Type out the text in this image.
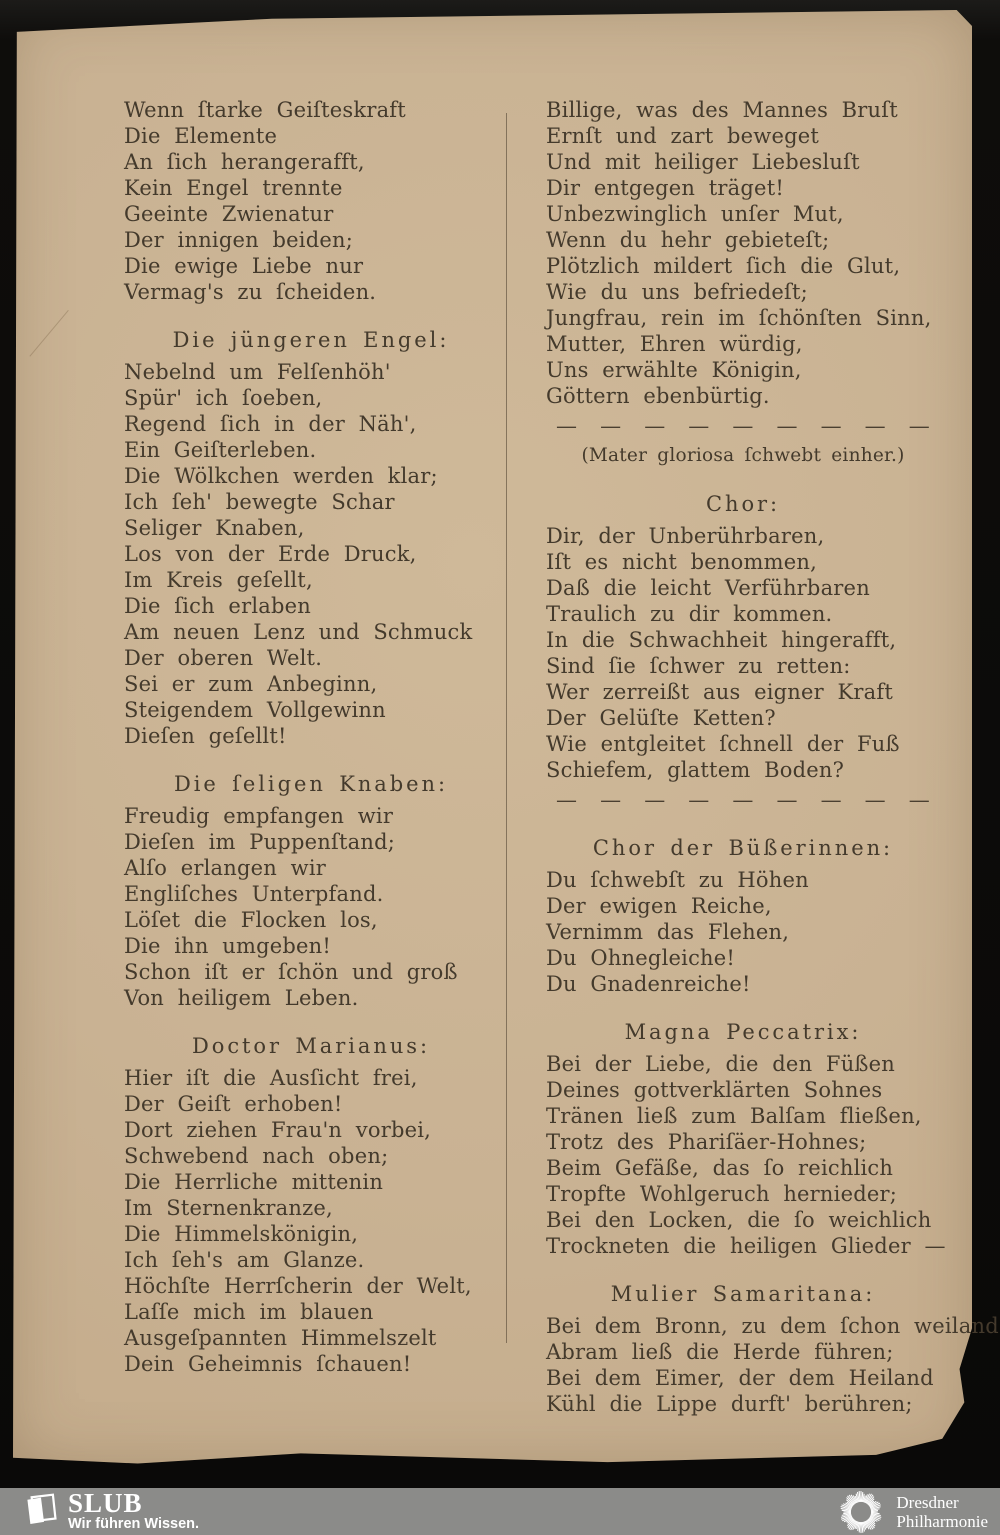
Wenn ſtarke Geiſteskraft
Die Elemente
An ſich herangerafft,
Kein Engel trennte
Geeinte Zwienatur
Der innigen beiden;
Die ewige Liebe nur
Vermag's zu ſcheiden.
Die jüngeren Engel:
Nebelnd um Felſenhöh'
Spür' ich ſoeben,
Regend ſich in der Näh',
Ein Geiſterleben.
Die Wölkchen werden klar;
Ich ſeh' bewegte Schar
Seliger Knaben,
Los von der Erde Druck,
Im Kreis geſellt,
Die ſich erlaben
Am neuen Lenz und Schmuck
Der oberen Welt.
Sei er zum Anbeginn,
Steigendem Vollgewinn
Dieſen geſellt!
Die ſeligen Knaben:
Freudig empfangen wir
Dieſen im Puppenſtand;
Alſo erlangen wir
Engliſches Unterpfand.
Löſet die Flocken los,
Die ihn umgeben!
Schon iſt er ſchön und groß
Von heiligem Leben.
Doctor Marianus:
Hier iſt die Ausſicht frei,
Der Geiſt erhoben!
Dort ziehen Frau'n vorbei,
Schwebend nach oben;
Die Herrliche mittenin
Im Sternenkranze,
Die Himmelskönigin,
Ich ſeh's am Glanze.
Höchſte Herrſcherin der Welt,
Laſſe mich im blauen
Ausgeſpannten Himmelszelt
Dein Geheimnis ſchauen!
Billige, was des Mannes Bruſt
Ernſt und zart beweget
Und mit heiliger Liebesluſt
Dir entgegen träget!
Unbezwinglich unſer Mut,
Wenn du hehr gebieteſt;
Plötzlich mildert ſich die Glut,
Wie du uns befriedeſt;
Jungfrau, rein im ſchönſten Sinn,
Mutter, Ehren würdig,
Uns erwählte Königin,
Göttern ebenbürtig.
— — — — — — — — —
(Mater gloriosa ſchwebt einher.)
Chor:
Dir, der Unberührbaren,
Iſt es nicht benommen,
Daß die leicht Verführbaren
Traulich zu dir kommen.
In die Schwachheit hingerafft,
Sind ſie ſchwer zu retten:
Wer zerreißt aus eigner Kraft
Der Gelüſte Ketten?
Wie entgleitet ſchnell der Fuß
Schiefem, glattem Boden?
— — — — — — — — —
Chor der Büßerinnen:
Du ſchwebſt zu Höhen
Der ewigen Reiche,
Vernimm das Flehen,
Du Ohnegleiche!
Du Gnadenreiche!
Magna Peccatrix:
Bei der Liebe, die den Füßen
Deines gottverklärten Sohnes
Tränen ließ zum Balſam fließen,
Trotz des Phariſäer-Hohnes;
Beim Gefäße, das ſo reichlich
Tropfte Wohlgeruch hernieder;
Bei den Locken, die ſo weichlich
Trockneten die heiligen Glieder —
Mulier Samaritana:
Bei dem Bronn, zu dem ſchon weiland
Abram ließ die Herde führen;
Bei dem Eimer, der dem Heiland
Kühl die Lippe durft' berühren;
SLUB
Wir führen Wissen.
Dresdner
Philharmonie
